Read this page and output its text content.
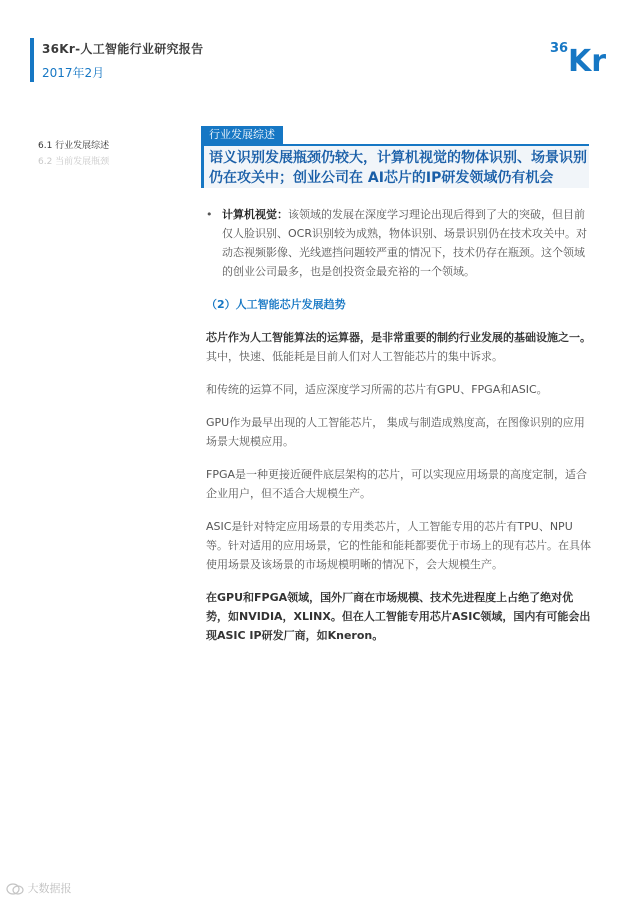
36Kr-人工智能行业研究报告
2017年2月
36 Kr
6.1 行业发展综述
6.2 当前发展瓶颈
行业发展综述
语义识别发展瓶颈仍较大，计算机视觉的物体识别、场景识别仍在攻关中；创业公司在 AI芯片的IP研发领域仍有机会
• 计算机视觉：该领域的发展在深度学习理论出现后得到了大的突破，但目前仅人脸识别、OCR识别较为成熟，物体识别、场景识别仍在技术攻关中。对动态视频影像、光线遮挡问题较严重的情况下，技术仍存在瓶颈。这个领域的创业公司最多，也是创投资金最充裕的一个领域。
（2）人工智能芯片发展趋势
芯片作为人工智能算法的运算器，是非常重要的制约行业发展的基础设施之一。其中，快速、低能耗是目前人们对人工智能芯片的集中诉求。
和传统的运算不同，适应深度学习所需的芯片有GPU、FPGA和ASIC。
GPU作为最早出现的人工智能芯片， 集成与制造成熟度高，在图像识别的应用场景大规模应用。
FPGA是一种更接近硬件底层架构的芯片，可以实现应用场景的高度定制，适合企业用户，但不适合大规模生产。
ASIC是针对特定应用场景的专用类芯片，人工智能专用的芯片有TPU、NPU等。针对适用的应用场景，它的性能和能耗都要优于市场上的现有芯片。在具体使用场景及该场景的市场规模明晰的情况下，会大规模生产。
在GPU和FPGA领域，国外厂商在市场规模、技术先进程度上占绝了绝对优势，如NVIDIA，XLINX。但在人工智能专用芯片ASIC领域，国内有可能会出现ASIC IP研发厂商，如Kneron。
大数据报
